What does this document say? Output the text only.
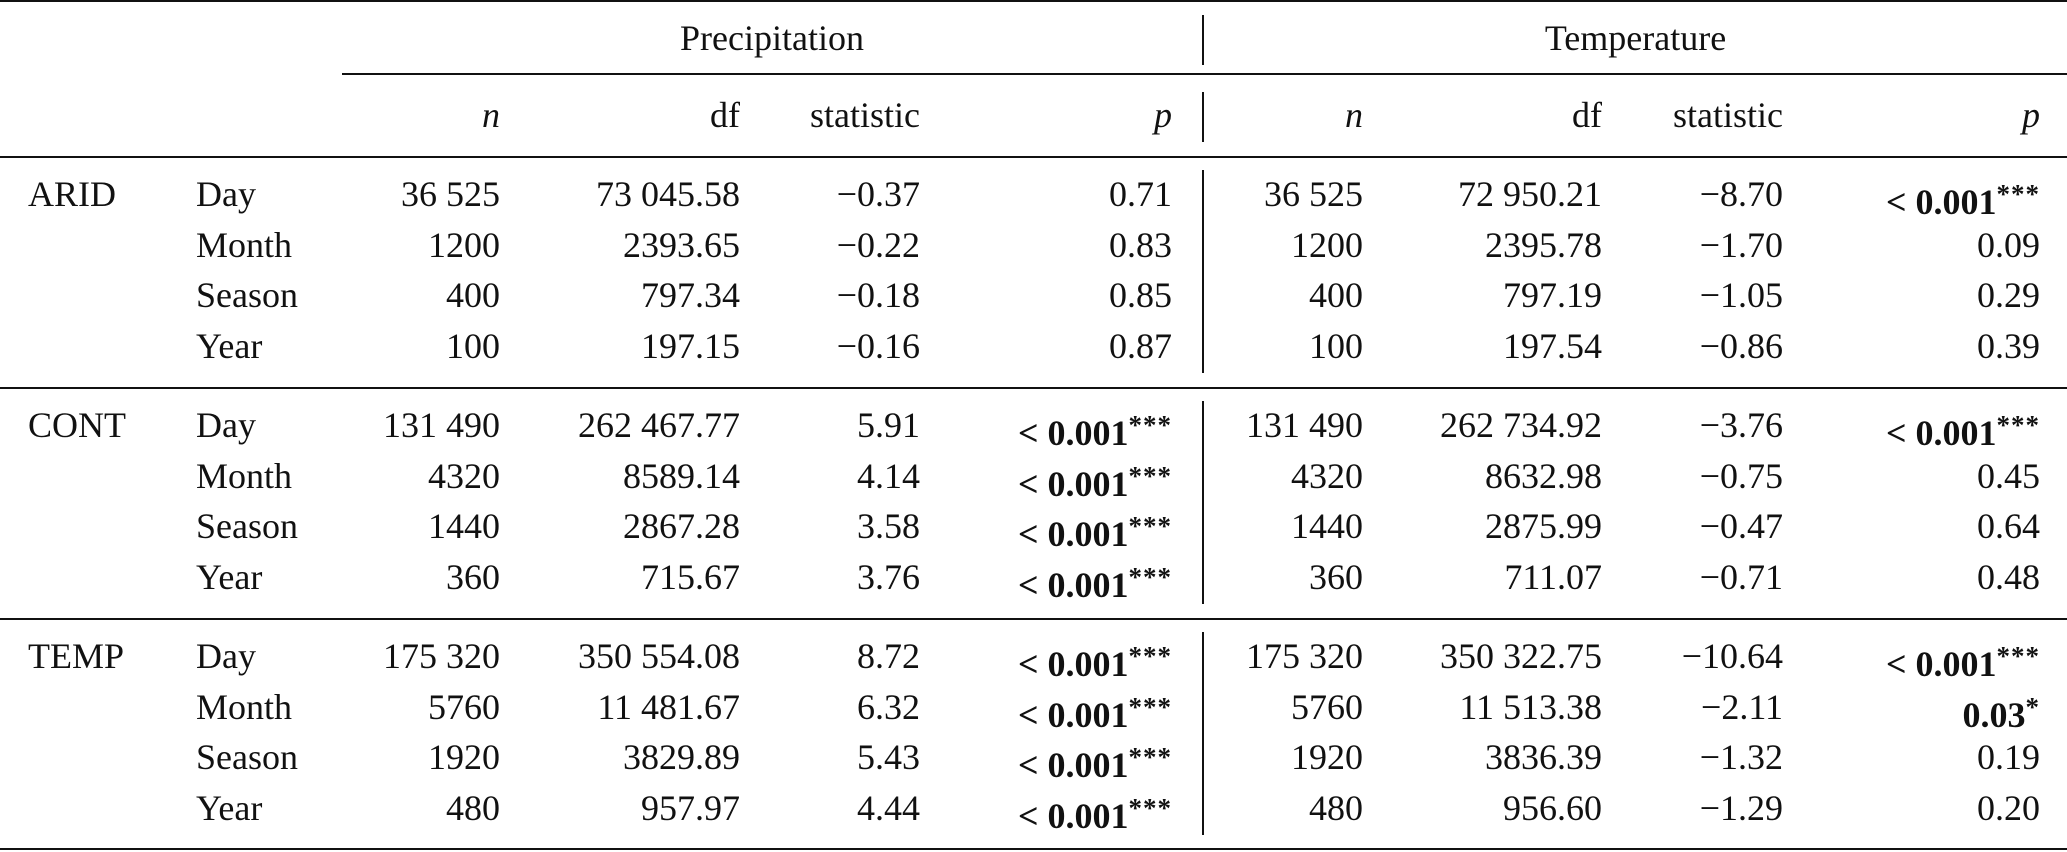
Precipitation	Temperature
n	df	statistic	p	n	df	statistic	p
ARID	Day	36 525	73 045.58	−0.37	0.71	36 525	72 950.21	−8.70	< 0.001***
Month	1200	2393.65	−0.22	0.83	1200	2395.78	−1.70	0.09
Season	400	797.34	−0.18	0.85	400	797.19	−1.05	0.29
Year	100	197.15	−0.16	0.87	100	197.54	−0.86	0.39
CONT	Day	131 490	262 467.77	5.91	< 0.001***	131 490	262 734.92	−3.76	< 0.001***
Month	4320	8589.14	4.14	< 0.001***	4320	8632.98	−0.75	0.45
Season	1440	2867.28	3.58	< 0.001***	1440	2875.99	−0.47	0.64
Year	360	715.67	3.76	< 0.001***	360	711.07	−0.71	0.48
TEMP	Day	175 320	350 554.08	8.72	< 0.001***	175 320	350 322.75	−10.64	< 0.001***
Month	5760	11 481.67	6.32	< 0.001***	5760	11 513.38	−2.11	0.03*
Season	1920	3829.89	5.43	< 0.001***	1920	3836.39	−1.32	0.19
Year	480	957.97	4.44	< 0.001***	480	956.60	−1.29	0.20
